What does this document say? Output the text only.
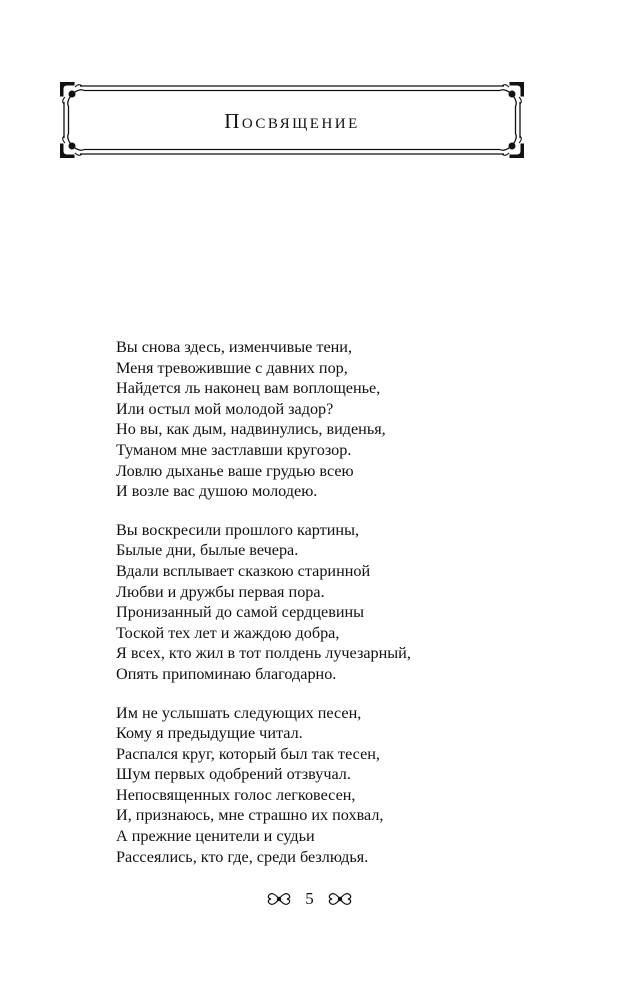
Посвящение
Вы снова здесь, изменчивые тени,
Меня тревожившие с давних пор,
Найдется ль наконец вам воплощенье,
Или остыл мой молодой задор?
Но вы, как дым, надвинулись, виденья,
Туманом мне застлавши кругозор.
Ловлю дыханье ваше грудью всею
И возле вас душою молодею.
Вы воскресили прошлого картины,
Былые дни, былые вечера.
Вдали всплывает сказкою старинной
Любви и дружбы первая пора.
Пронизанный до самой сердцевины
Тоской тех лет и жаждою добра,
Я всех, кто жил в тот полдень лучезарный,
Опять припоминаю благодарно.
Им не услышать следующих песен,
Кому я предыдущие читал.
Распался круг, который был так тесен,
Шум первых одобрений отзвучал.
Непосвященных голос легковесен,
И, признаюсь, мне страшно их похвал,
А прежние ценители и судьи
Рассеялись, кто где, среди безлюдья.
5
